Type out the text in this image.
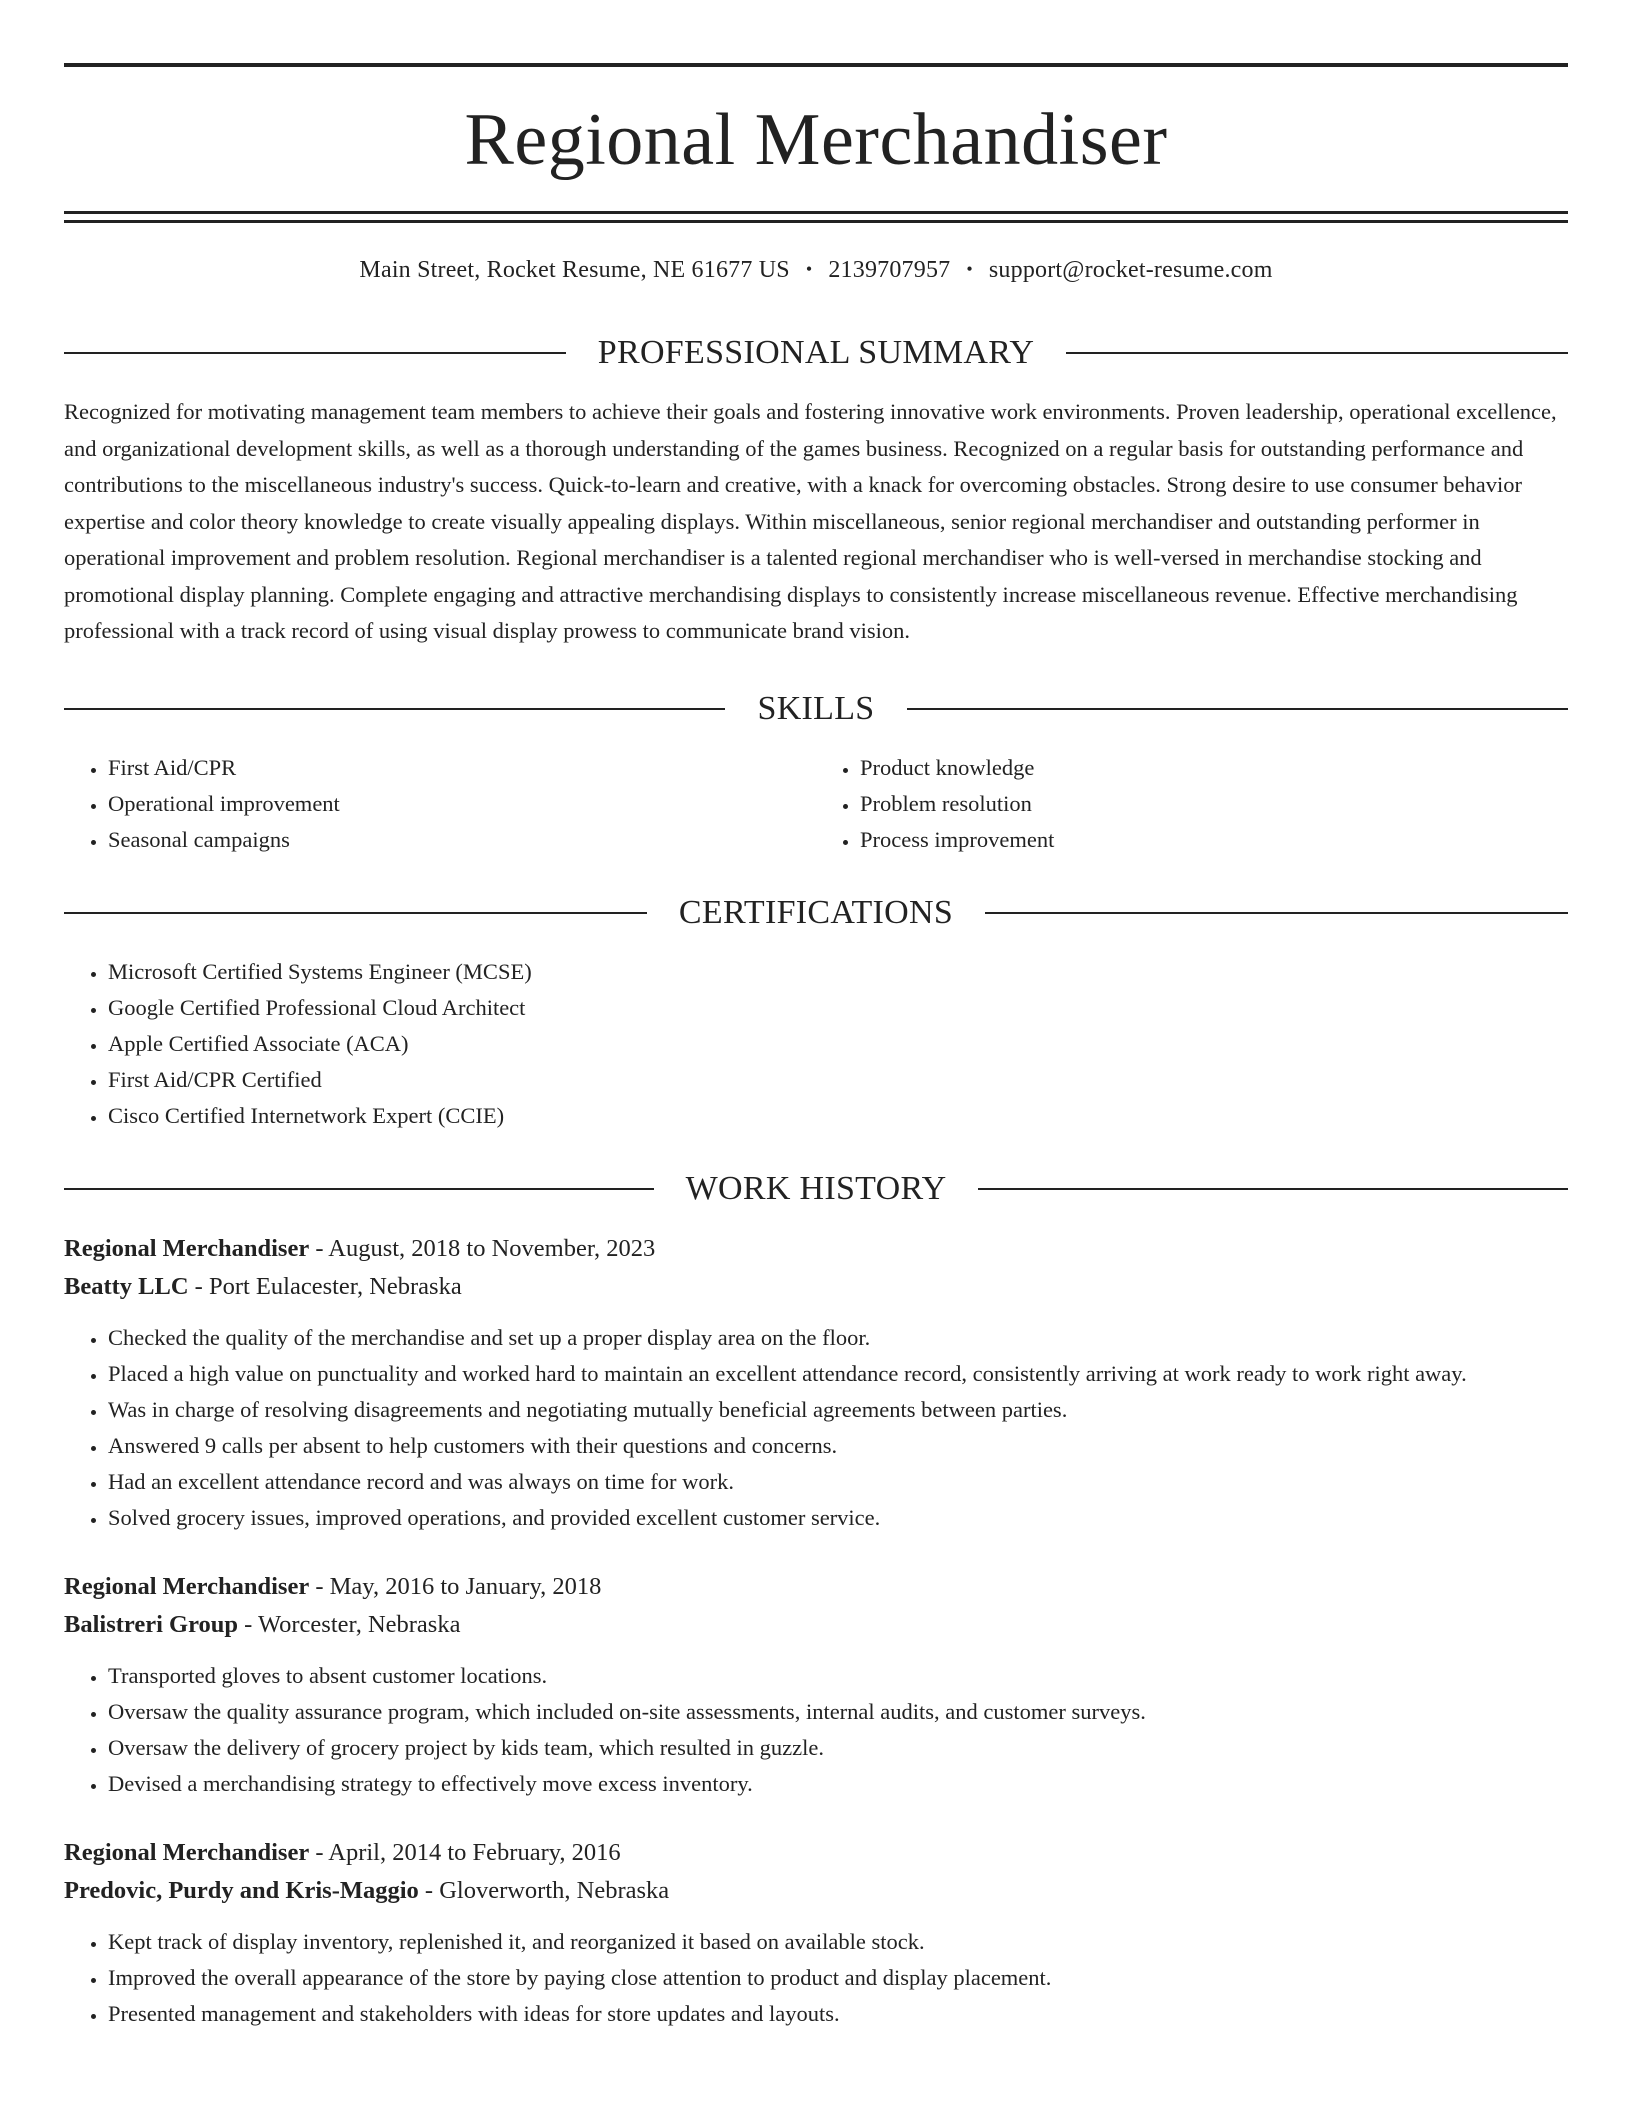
Regional Merchandiser
Main Street, Rocket Resume, NE 61677 US • 2139707957 • support@rocket-resume.com
PROFESSIONAL SUMMARY

Recognized for motivating management team members to achieve their goals and fostering innovative work environments. Proven leadership, operational excellence, and organizational development skills, as well as a thorough understanding of the games business. Recognized on a regular basis for outstanding performance and contributions to the miscellaneous industry's success. Quick-to-learn and creative, with a knack for overcoming obstacles. Strong desire to use consumer behavior expertise and color theory knowledge to create visually appealing displays. Within miscellaneous, senior regional merchandiser and outstanding performer in operational improvement and problem resolution. Regional merchandiser is a talented regional merchandiser who is well-versed in merchandise stocking and promotional display planning. Complete engaging and attractive merchandising displays to consistently increase miscellaneous revenue. Effective merchandising professional with a track record of using visual display prowess to communicate brand vision.

SKILLS
• First Aid/CPR
• Operational improvement
• Seasonal campaigns
• Product knowledge
• Problem resolution
• Process improvement
CERTIFICATIONS
• Microsoft Certified Systems Engineer (MCSE)
• Google Certified Professional Cloud Architect
• Apple Certified Associate (ACA)
• First Aid/CPR Certified
• Cisco Certified Internetwork Expert (CCIE)
WORK HISTORY
Regional Merchandiser - August, 2018 to November, 2023
Beatty LLC - Port Eulacester, Nebraska
• Checked the quality of the merchandise and set up a proper display area on the floor.
• Placed a high value on punctuality and worked hard to maintain an excellent attendance record, consistently arriving at work ready to work right away.
• Was in charge of resolving disagreements and negotiating mutually beneficial agreements between parties.
• Answered 9 calls per absent to help customers with their questions and concerns.
• Had an excellent attendance record and was always on time for work.
• Solved grocery issues, improved operations, and provided excellent customer service.
Regional Merchandiser - May, 2016 to January, 2018
Balistreri Group - Worcester, Nebraska
• Transported gloves to absent customer locations.
• Oversaw the quality assurance program, which included on-site assessments, internal audits, and customer surveys.
• Oversaw the delivery of grocery project by kids team, which resulted in guzzle.
• Devised a merchandising strategy to effectively move excess inventory.
Regional Merchandiser - April, 2014 to February, 2016
Predovic, Purdy and Kris-Maggio - Gloverworth, Nebraska
• Kept track of display inventory, replenished it, and reorganized it based on available stock.
• Improved the overall appearance of the store by paying close attention to product and display placement.
• Presented management and stakeholders with ideas for store updates and layouts.
